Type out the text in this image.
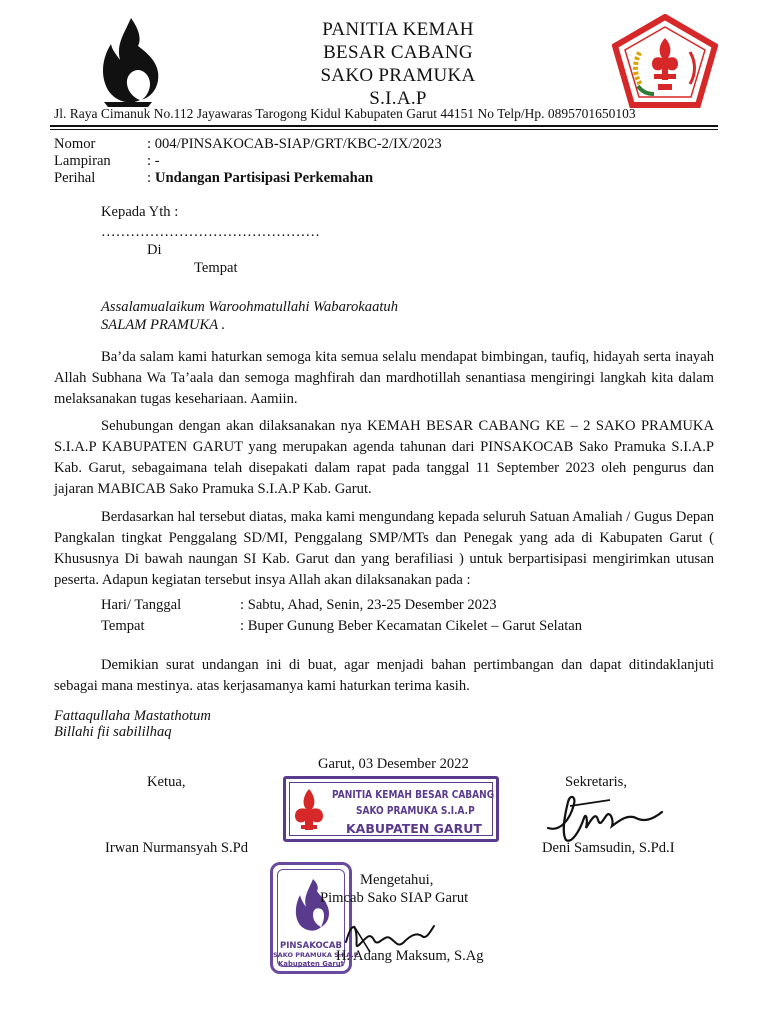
PANITIA KEMAH
BESAR CABANG
SAKO PRAMUKA
S.I.A.P
Jl. Raya Cimanuk No.112 Jayawaras Tarogong Kidul Kabupaten Garut 44151 No Telp/Hp. 0895701650103
Nomor	: 004/PINSAKOCAB-SIAP/GRT/KBC-2/IX/2023
Lampiran : -
Perihal	: Undangan Partisipasi Perkemahan
Kepada Yth :
………………………………………
Di
Tempat
Assalamualaikum Waroohmatullahi Wabarokaatuh
SALAM PRAMUKA .
Ba’da salam kami haturkan semoga kita semua selalu mendapat bimbingan, taufiq, hidayah serta inayah Allah Subhana Wa Ta’aala dan semoga maghfirah dan mardhotillah senantiasa mengiringi langkah kita dalam melaksanakan tugas kesehariaan. Aamiin.
Sehubungan dengan akan dilaksanakan nya KEMAH BESAR CABANG KE – 2 SAKO PRAMUKA S.I.A.P KABUPATEN GARUT yang merupakan agenda tahunan dari PINSAKOCAB Sako Pramuka S.I.A.P Kab. Garut, sebagaimana telah disepakati dalam rapat pada tanggal 11 September 2023 oleh pengurus dan jajaran MABICAB Sako Pramuka S.I.A.P Kab. Garut.
Berdasarkan hal tersebut diatas, maka kami mengundang kepada seluruh Satuan Amaliah / Gugus Depan Pangkalan tingkat Penggalang SD/MI, Penggalang SMP/MTs dan Penegak yang ada di Kabupaten Garut ( Khususnya Di bawah naungan SI Kab. Garut dan yang berafiliasi ) untuk berpartisipasi mengirimkan utusan peserta. Adapun kegiatan tersebut insya Allah akan dilaksanakan pada :
Hari/ Tanggal	: Sabtu, Ahad, Senin, 23-25 Desember 2023
Tempat	: Buper Gunung Beber Kecamatan Cikelet – Garut Selatan
Demikian surat undangan ini di buat, agar menjadi bahan pertimbangan dan dapat ditindaklanjuti sebagai mana mestinya. atas kerjasamanya kami haturkan terima kasih.
Fattaqullaha Mastathotum
Billahi fii sabililhaq
Garut, 03 Desember 2022
Ketua,	Sekretaris,
PANITIA KEMAH BESAR CABANG
SAKO PRAMUKA S.I.A.P
KABUPATEN GARUT
Irwan Nurmansyah S.Pd	Deni Samsudin, S.Pd.I
PINSAKOCAB
SAKO PRAMUKA S.I.A.P
Kabupaten Garut
Mengetahui,
Pimcab Sako SIAP Garut
H. Adang Maksum, S.Ag
